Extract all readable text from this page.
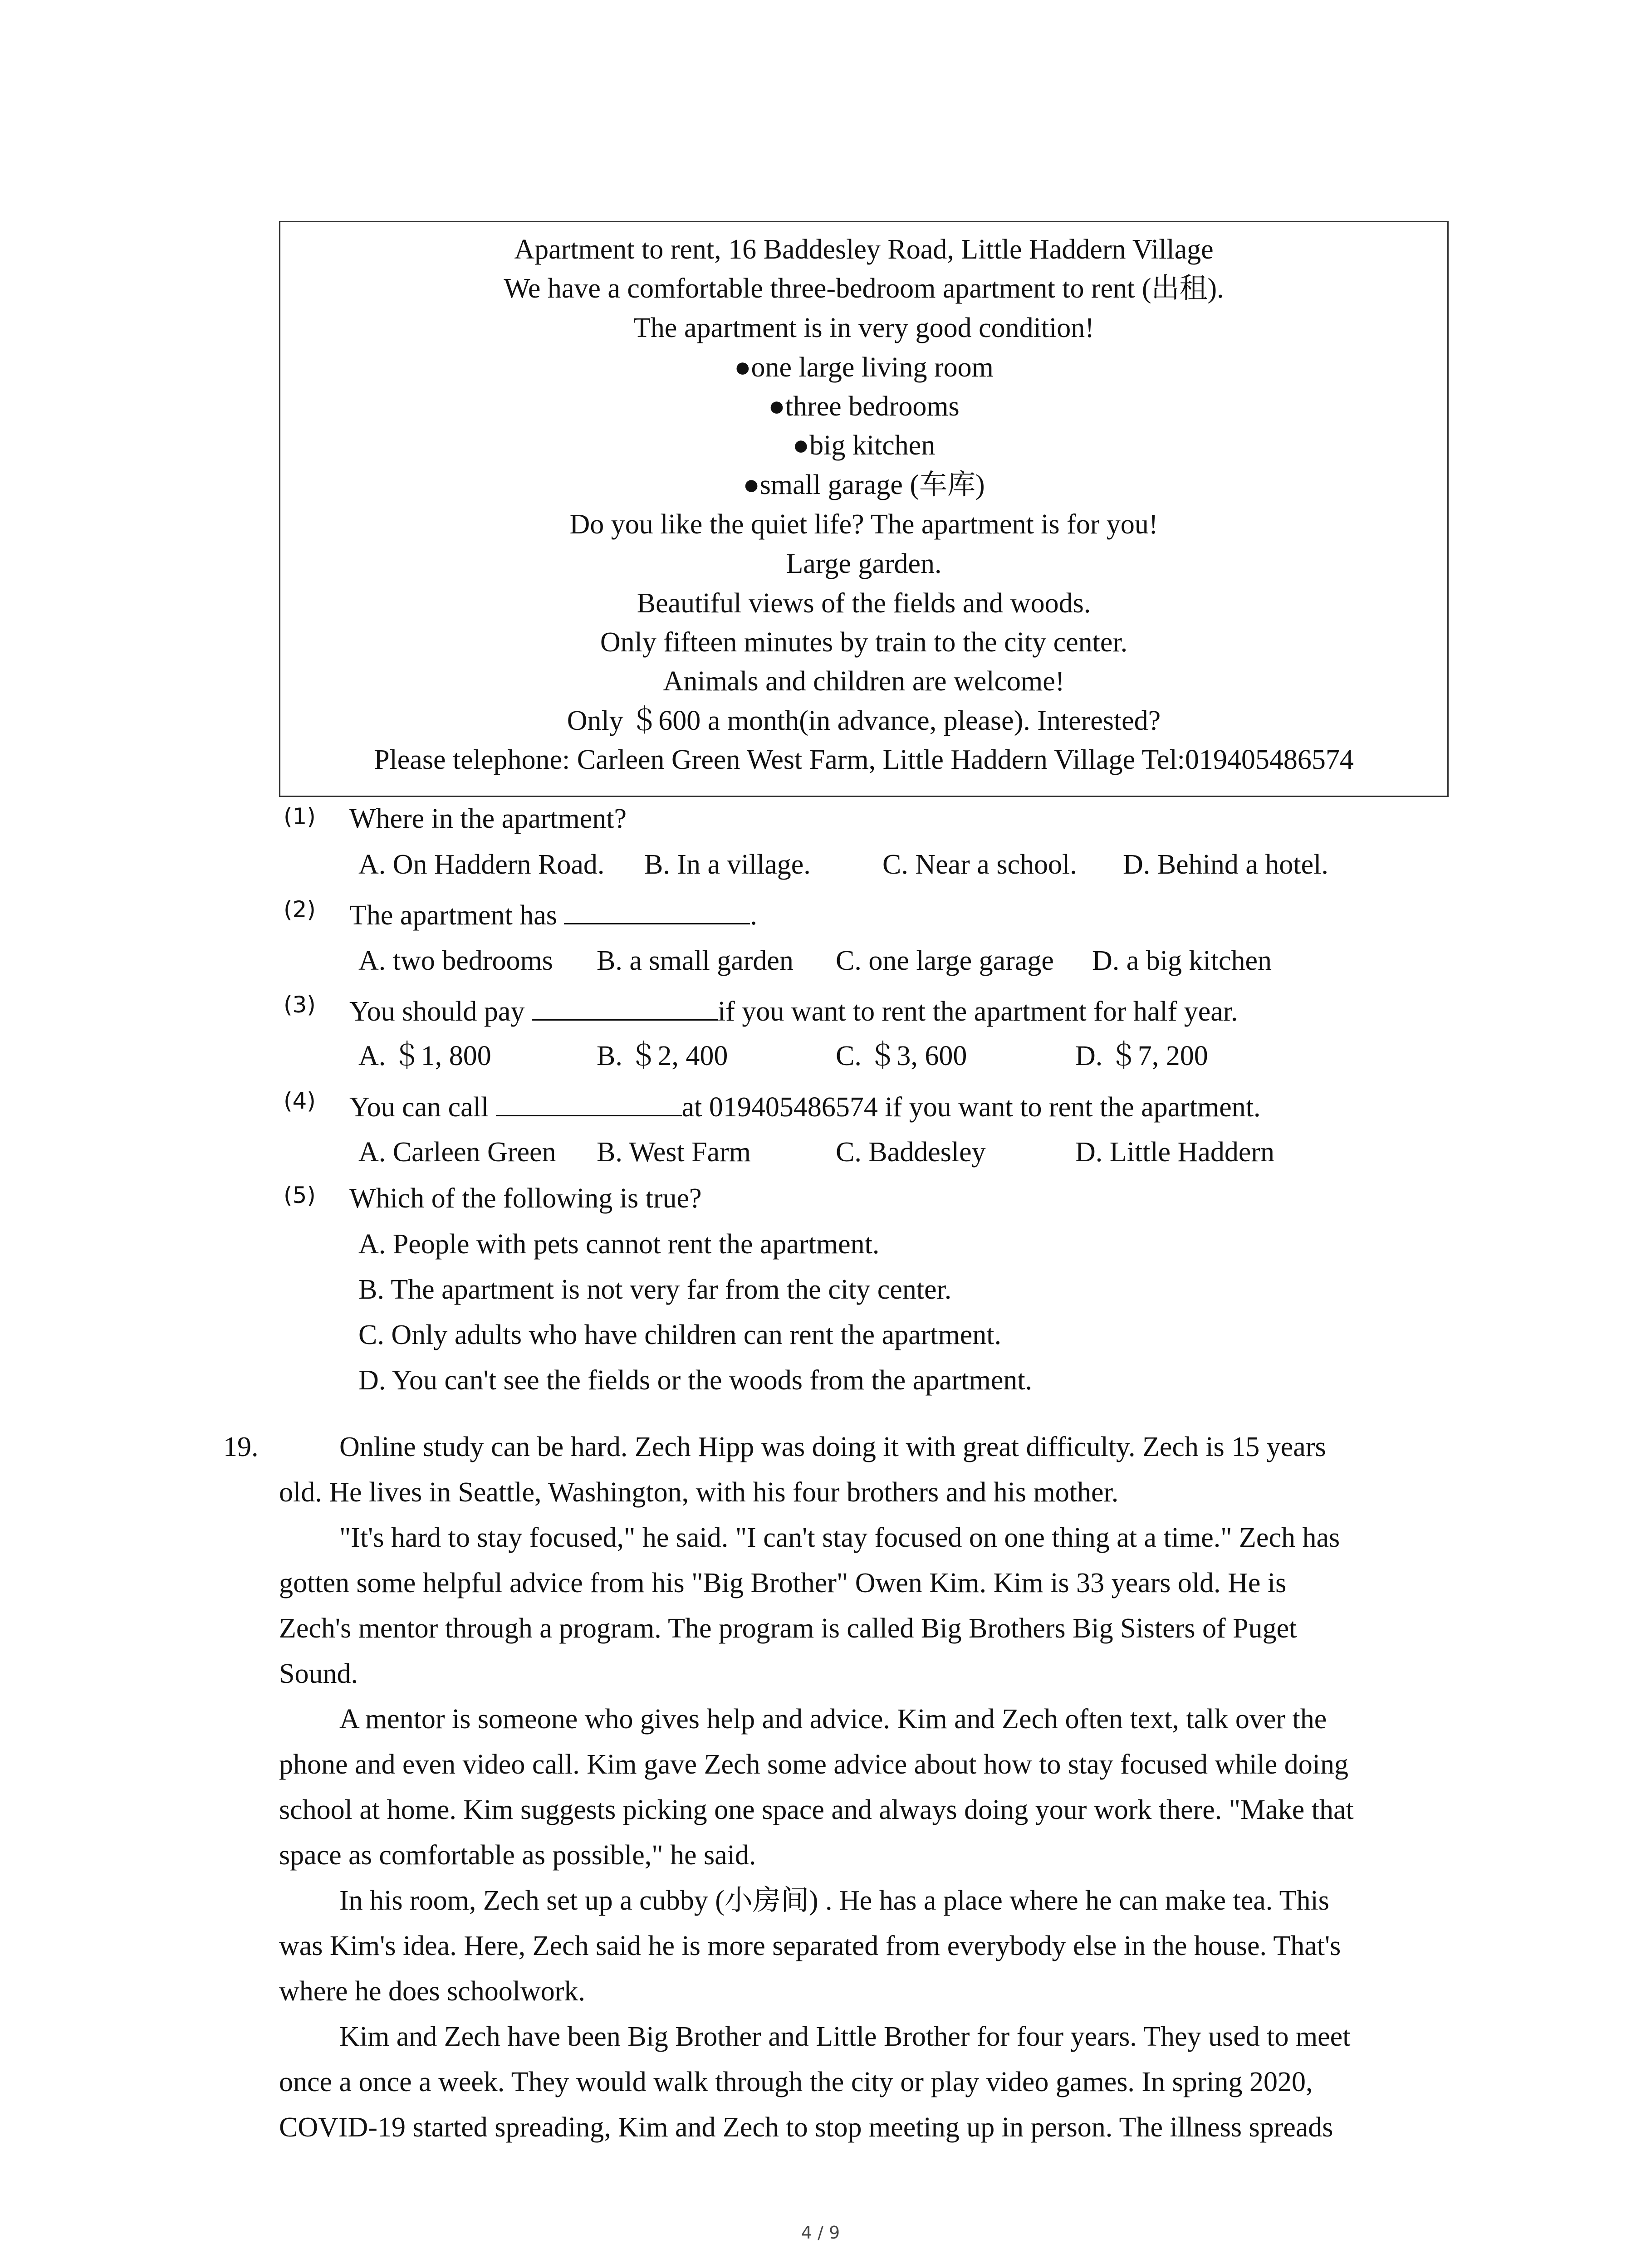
Apartment to rent, 16 Baddesley Road, Little Haddern Village
We have a comfortable three-bedroom apartment to rent (出租).
The apartment is in very good condition!
●one large living room
●three bedrooms
●big kitchen
●small garage (车库)
Do you like the quiet life? The apartment is for you!
Large garden.
Beautiful views of the fields and woods.
Only fifteen minutes by train to the city center.
Animals and children are welcome!
Only ＄600 a month(in advance, please). Interested?
Please telephone: Carleen Green West Farm, Little Haddern Village Tel:019405486574
(1) Where in the apartment?
A. On Haddern Road. B. In a village.	C. Near a school. D. Behind a hotel.
(2) The apartment has	.
A. two bedrooms B. a small garden C. one large garage D. a big kitchen
(3) You should pay	if you want to rent the apartment for half year.
A. ＄1, 800	B. ＄2, 400	C. ＄3, 600	D. ＄7, 200
(4) You can call	at 019405486574 if you want to rent the apartment.
A. Carleen Green B. West Farm	C. Baddesley	D. Little Haddern
(5) Which of the following is true?
A. People with pets cannot rent the apartment.
B. The apartment is not very far from the city center.
C. Only adults who have children can rent the apartment.
D. You can't see the fields or the woods from the apartment.
19.	Online study can be hard. Zech Hipp was doing it with great difficulty. Zech is 15 years
old. He lives in Seattle, Washington, with his four brothers and his mother.
"It's hard to stay focused," he said. "I can't stay focused on one thing at a time." Zech has
gotten some helpful advice from his "Big Brother" Owen Kim. Kim is 33 years old. He is
Zech's mentor through a program. The program is called Big Brothers Big Sisters of Puget
Sound.
A mentor is someone who gives help and advice. Kim and Zech often text, talk over the
phone and even video call. Kim gave Zech some advice about how to stay focused while doing
school at home. Kim suggests picking one space and always doing your work there. "Make that
space as comfortable as possible," he said.
In his room, Zech set up a cubby (小房间) . He has a place where he can make tea. This
was Kim's idea. Here, Zech said he is more separated from everybody else in the house. That's
where he does schoolwork.
Kim and Zech have been Big Brother and Little Brother for four years. They used to meet
once a once a week. They would walk through the city or play video games. In spring 2020,
COVID-19 started spreading, Kim and Zech to stop meeting up in person. The illness spreads
4 / 9
